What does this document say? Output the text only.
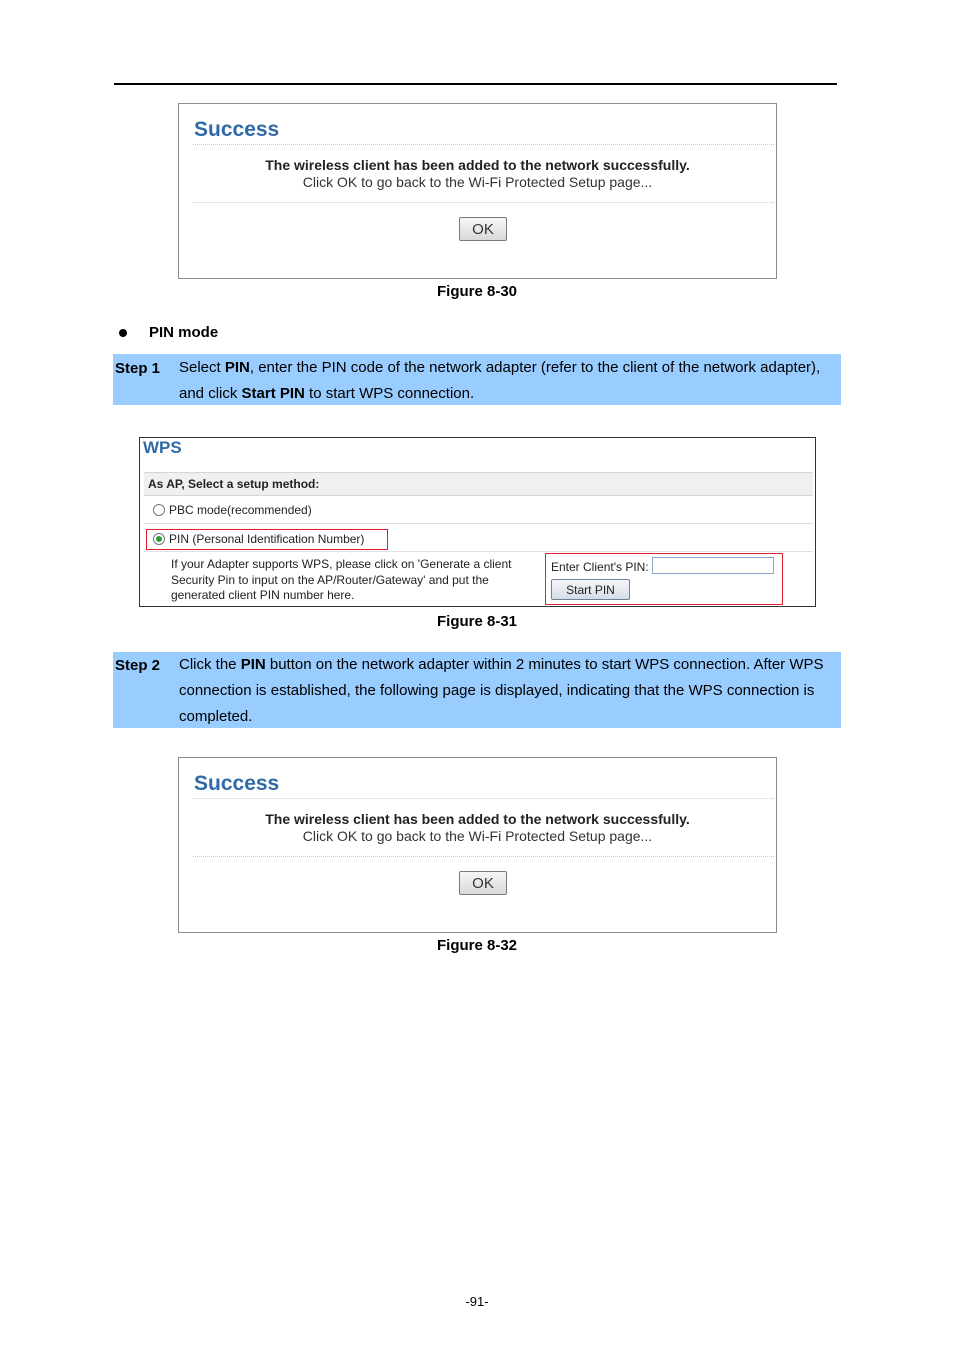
Success
The wireless client has been added to the network successfully.
Click OK to go back to the Wi-Fi Protected Setup page...
OK
Figure 8-30
PIN mode
Step 1 Select PIN, enter the PIN code of the network adapter (refer to the client of the network adapter), and click Start PIN to start WPS connection.
WPS
As AP, Select a setup method:
PBC mode(recommended)
PIN (Personal Identification Number)
If your Adapter supports WPS, please click on 'Generate a client Security Pin to input on the AP/Router/Gateway' and put the generated client PIN number here.
Enter Client's PIN:
Start PIN
Figure 8-31
Step 2 Click the PIN button on the network adapter within 2 minutes to start WPS connection. After WPS connection is established, the following page is displayed, indicating that the WPS connection is completed.
Success
The wireless client has been added to the network successfully.
Click OK to go back to the Wi-Fi Protected Setup page...
OK
Figure 8-32
-91-
